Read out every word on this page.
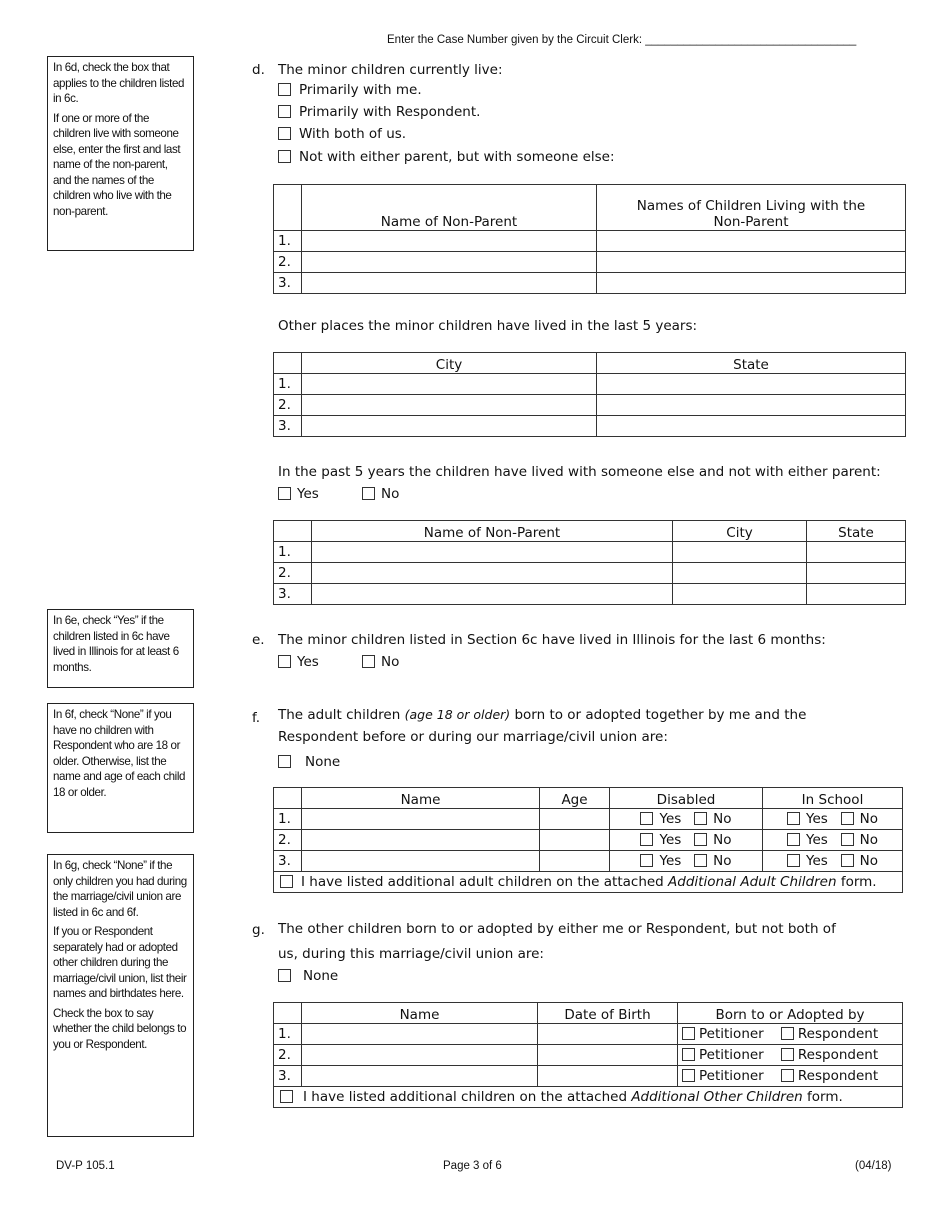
Enter the Case Number given by the Circuit Clerk: _________________________________

In 6d, check the box that applies to the children listed in 6c.

If one or more of the children live with someone else, enter the first and last name of the non-parent, and the names of the children who live with the non-parent.

In 6e, check “Yes” if the children listed in 6c have lived in Illinois for at least 6 months.

In 6f, check “None” if you have no children with Respondent who are 18 or older. Otherwise, list the name and age of each child 18 or older.

In 6g, check “None” if the only children you had during the marriage/civil union are listed in 6c and 6f.

If you or Respondent separately had or adopted other children during the marriage/civil union, list their names and birthdates here.

Check the box to say whether the child belongs to you or Respondent.

d. The minor children currently live:
Primarily with me.
Primarily with Respondent.
With both of us.
Not with either parent, but with someone else:
	Name of Non-Parent	Names of Children Living with the Non-Parent
1.		
2.		
3.		
Other places the minor children have lived in the last 5 years:
	City	State
1.		
2.		
3.		
In the past 5 years the children have lived with someone else and not with either parent:
Yes	No
	Name of Non-Parent	City	State
1.			
2.			
3.			
e. The minor children listed in Section 6c have lived in Illinois for the last 6 months:
Yes	No
f. The adult children (age 18 or older) born to or adopted together by me and the
Respondent before or during our marriage/civil union are:
None
	Name	Age	Disabled	In School
1.			Yes No	Yes No
2.			Yes No	Yes No
3.			Yes No	Yes No
I have listed additional adult children on the attached Additional Adult Children form.				
g. The other children born to or adopted by either me or Respondent, but not both of
us, during this marriage/civil union are:
None
	Name	Date of Birth	Born to or Adopted by
1.			Petitioner Respondent
2.			Petitioner Respondent
3.			Petitioner Respondent
I have listed additional children on the attached Additional Other Children form.			
DV-P 105.1	Page 3 of 6	(04/18)
